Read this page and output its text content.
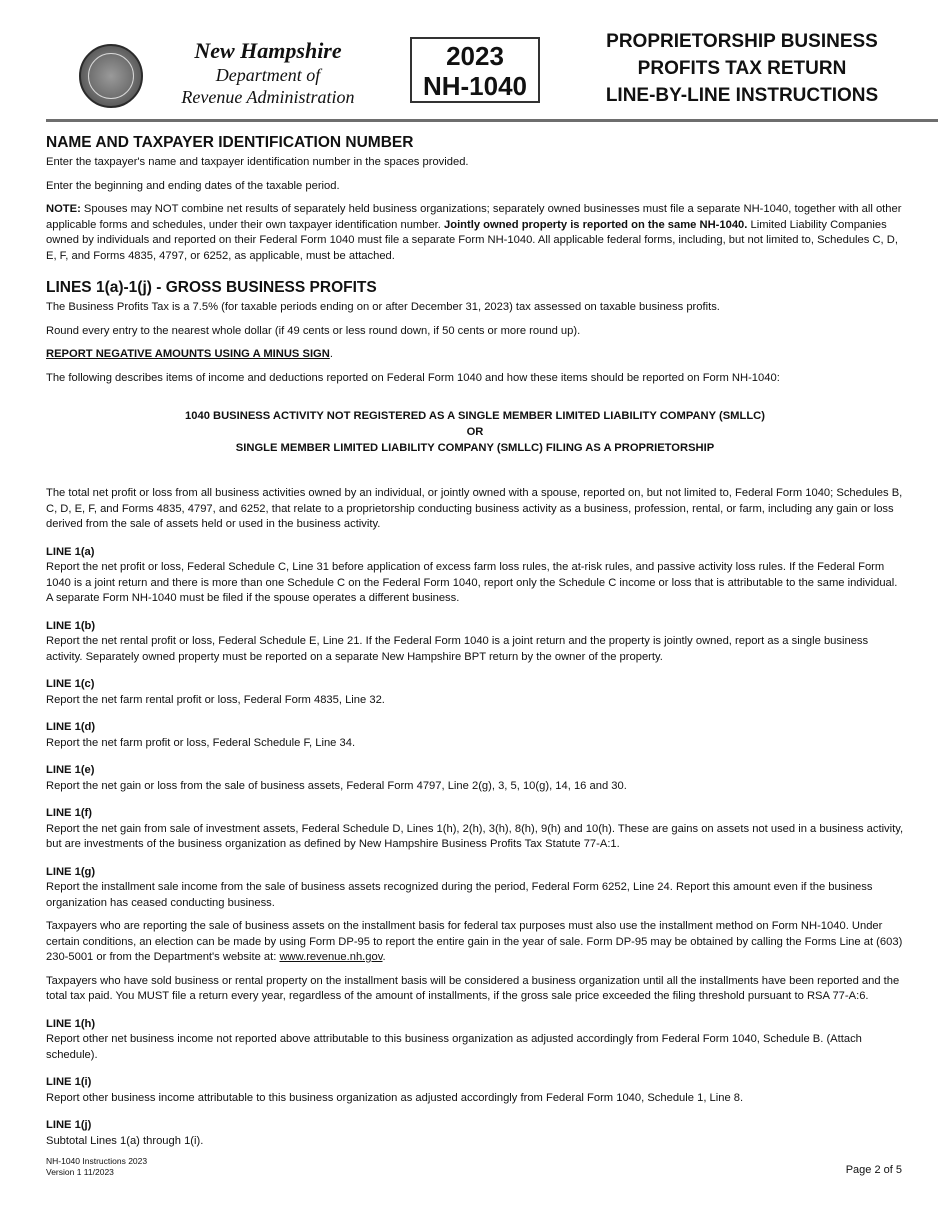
New Hampshire
Department of
Revenue Administration
2023
NH-1040
PROPRIETORSHIP BUSINESS
PROFITS TAX RETURN
LINE-BY-LINE INSTRUCTIONS
NAME AND TAXPAYER IDENTIFICATION NUMBER

Enter the taxpayer's name and taxpayer identification number in the spaces provided.

Enter the beginning and ending dates of the taxable period.

NOTE: Spouses may NOT combine net results of separately held business organizations; separately owned businesses must file a separate NH-1040, together with all other applicable forms and schedules, under their own taxpayer identification number. Jointly owned property is reported on the same NH-1040. Limited Liability Companies owned by individuals and reported on their Federal Form 1040 must file a separate Form NH-1040. All applicable federal forms, including, but not limited to, Schedules C, D, E, F, and Forms 4835, 4797, or 6252, as applicable, must be attached.

LINES 1(a)-1(j) - GROSS BUSINESS PROFITS

The Business Profits Tax is a 7.5% (for taxable periods ending on or after December 31, 2023) tax assessed on taxable business profits.

Round every entry to the nearest whole dollar (if 49 cents or less round down, if 50 cents or more round up).

REPORT NEGATIVE AMOUNTS USING A MINUS SIGN.

The following describes items of income and deductions reported on Federal Form 1040 and how these items should be reported on Form NH-1040:

1040 BUSINESS ACTIVITY NOT REGISTERED AS A SINGLE MEMBER LIMITED LIABILITY COMPANY (SMLLC)
OR
SINGLE MEMBER LIMITED LIABILITY COMPANY (SMLLC) FILING AS A PROPRIETORSHIP

The total net profit or loss from all business activities owned by an individual, or jointly owned with a spouse, reported on, but not limited to, Federal Form 1040; Schedules B, C, D, E, F, and Forms 4835, 4797, and 6252, that relate to a proprietorship conducting business activity as a business, profession, rental, or farm, including any gain or loss derived from the sale of assets held or used in the business activity.

LINE 1(a)

Report the net profit or loss, Federal Schedule C, Line 31 before application of excess farm loss rules, the at-risk rules, and passive activity loss rules. If the Federal Form 1040 is a joint return and there is more than one Schedule C on the Federal Form 1040, report only the Schedule C income or loss that is attributable to the same individual. A separate Form NH-1040 must be filed if the spouse operates a different business.

LINE 1(b)

Report the net rental profit or loss, Federal Schedule E, Line 21. If the Federal Form 1040 is a joint return and the property is jointly owned, report as a single business activity. Separately owned property must be reported on a separate New Hampshire BPT return by the owner of the property.

LINE 1(c)

Report the net farm rental profit or loss, Federal Form 4835, Line 32.

LINE 1(d)

Report the net farm profit or loss, Federal Schedule F, Line 34.

LINE 1(e)

Report the net gain or loss from the sale of business assets, Federal Form 4797, Line 2(g), 3, 5, 10(g), 14, 16 and 30.

LINE 1(f)

Report the net gain from sale of investment assets, Federal Schedule D, Lines 1(h), 2(h), 3(h), 8(h), 9(h) and 10(h). These are gains on assets not used in a business activity, but are investments of the business organization as defined by New Hampshire Business Profits Tax Statute 77-A:1.

LINE 1(g)

Report the installment sale income from the sale of business assets recognized during the period, Federal Form 6252, Line 24. Report this amount even if the business organization has ceased conducting business.

Taxpayers who are reporting the sale of business assets on the installment basis for federal tax purposes must also use the installment method on Form NH-1040. Under certain conditions, an election can be made by using Form DP-95 to report the entire gain in the year of sale. Form DP-95 may be obtained by calling the Forms Line at (603) 230-5001 or from the Department's website at: www.revenue.nh.gov.

Taxpayers who have sold business or rental property on the installment basis will be considered a business organization until all the installments have been reported and the total tax paid. You MUST file a return every year, regardless of the amount of installments, if the gross sale price exceeded the filing threshold pursuant to RSA 77-A:6.

LINE 1(h)

Report other net business income not reported above attributable to this business organization as adjusted accordingly from Federal Form 1040, Schedule B. (Attach schedule).

LINE 1(i)

Report other business income attributable to this business organization as adjusted accordingly from Federal Form 1040, Schedule 1, Line 8.

LINE 1(j)

Subtotal Lines 1(a) through 1(i).

NH-1040 Instructions 2023
Version 1 11/2023	Page 2 of 5
